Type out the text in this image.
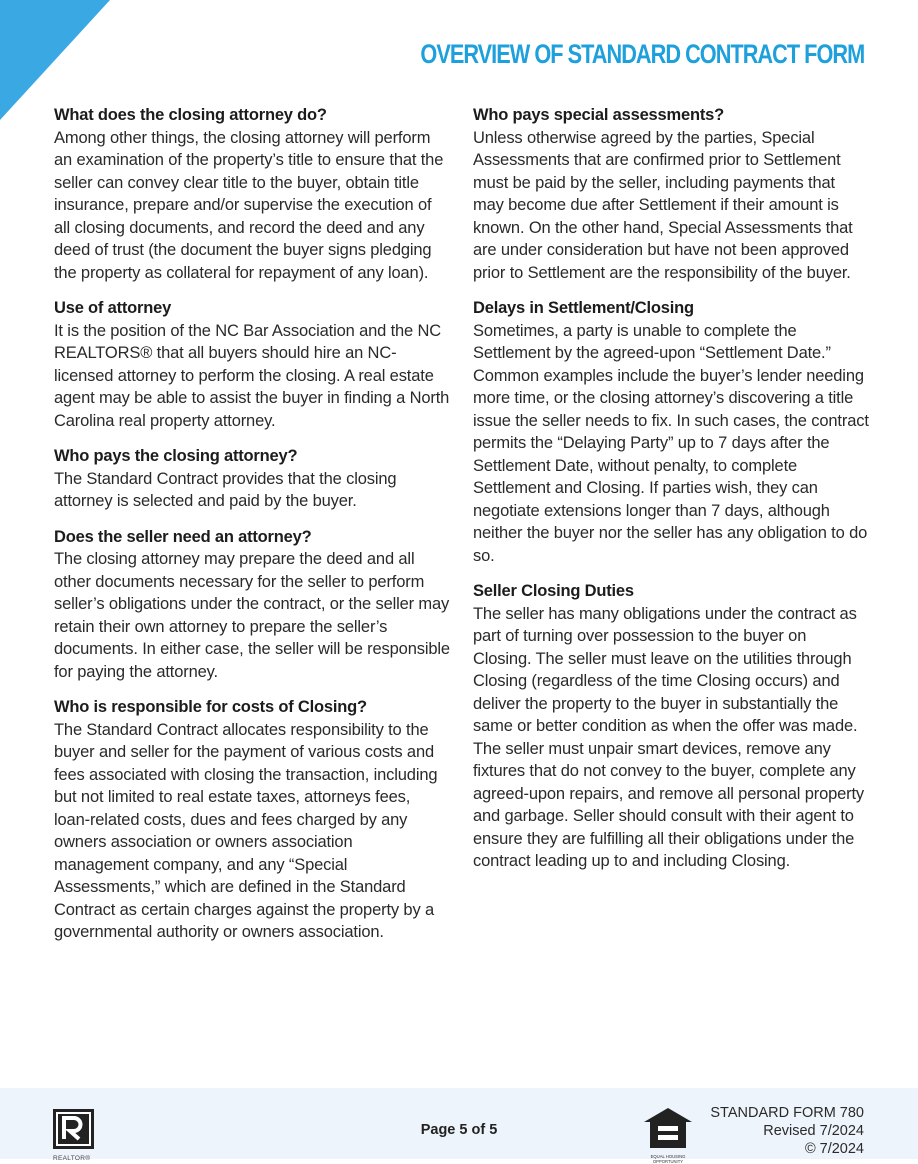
OVERVIEW OF STANDARD CONTRACT FORM
What does the closing attorney do?

Among other things, the closing attorney will perform an examination of the property’s title to ensure that the seller can convey clear title to the buyer, obtain title insurance, prepare and/or supervise the execution of all closing documents, and record the deed and any deed of trust (the document the buyer signs pledging the property as collateral for repayment of any loan).

Use of attorney

It is the position of the NC Bar Association and the NC REALTORS® that all buyers should hire an NC-licensed attorney to perform the closing. A real estate agent may be able to assist the buyer in finding a North Carolina real property attorney.

Who pays the closing attorney?

The Standard Contract provides that the closing attorney is selected and paid by the buyer.

Does the seller need an attorney?

The closing attorney may prepare the deed and all other documents necessary for the seller to perform seller’s obligations under the contract, or the seller may retain their own attorney to prepare the seller’s documents. In either case, the seller will be responsible for paying the attorney.

Who is responsible for costs of Closing?

The Standard Contract allocates responsibility to the buyer and seller for the payment of various costs and fees associated with closing the transaction, including but not limited to real estate taxes, attorneys fees, loan-related costs, dues and fees charged by any owners association or owners association management company, and any “Special Assessments,” which are defined in the Standard Contract as certain charges against the property by a governmental authority or owners association.

Who pays special assessments?

Unless otherwise agreed by the parties, Special Assessments that are confirmed prior to Settlement must be paid by the seller, including payments that may become due after Settlement if their amount is known. On the other hand, Special Assessments that are under consideration but have not been approved prior to Settlement are the responsibility of the buyer.

Delays in Settlement/Closing

Sometimes, a party is unable to complete the Settlement by the agreed-upon “Settlement Date.” Common examples include the buyer’s lender needing more time, or the closing attorney’s discovering a title issue the seller needs to fix. In such cases, the contract permits the “Delaying Party” up to 7 days after the Settlement Date, without penalty, to complete Settlement and Closing. If parties wish, they can negotiate extensions longer than 7 days, although neither the buyer nor the seller has any obligation to do so.

Seller Closing Duties

The seller has many obligations under the contract as part of turning over possession to the buyer on Closing. The seller must leave on the utilities through Closing (regardless of the time Closing occurs) and deliver the property to the buyer in substantially the same or better condition as when the offer was made. The seller must unpair smart devices, remove any fixtures that do not convey to the buyer, complete any agreed-upon repairs, and remove all personal property and garbage. Seller should consult with their agent to ensure they are fulfilling all their obligations under the contract leading up to and including Closing.

REALTOR®
Page 5 of 5
EQUAL HOUSING OPPORTUNITY
STANDARD FORM 780
Revised 7/2024
© 7/2024
